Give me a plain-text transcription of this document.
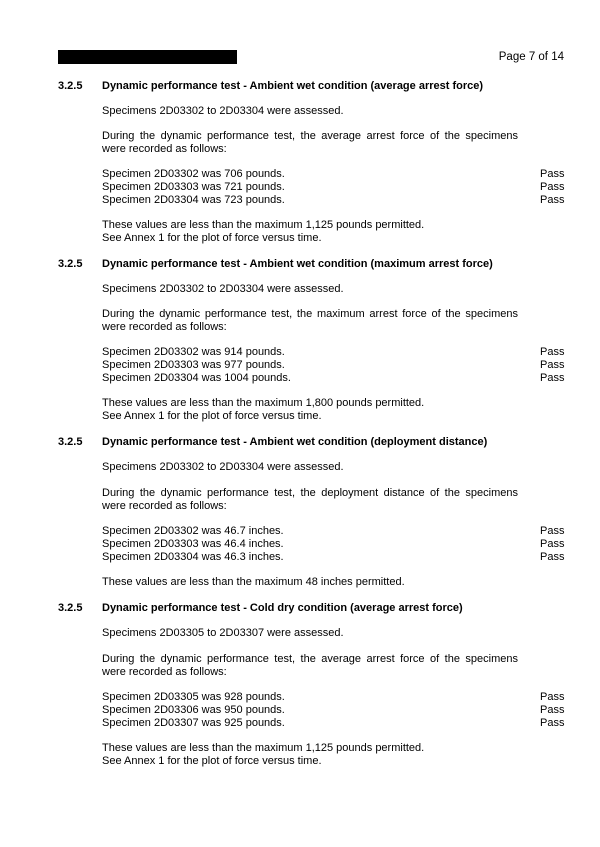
Page 7 of 14
3.2.5 Dynamic performance test - Ambient wet condition (average arrest force)
Specimens 2D03302 to 2D03304 were assessed.
During the dynamic performance test, the average arrest force of the specimens were recorded as follows:
Specimen 2D03302 was 706 pounds.	Pass
Specimen 2D03303 was 721 pounds.	Pass
Specimen 2D03304 was 723 pounds.	Pass
These values are less than the maximum 1,125 pounds permitted.
See Annex 1 for the plot of force versus time.
3.2.5 Dynamic performance test - Ambient wet condition (maximum arrest force)
Specimens 2D03302 to 2D03304 were assessed.
During the dynamic performance test, the maximum arrest force of the specimens were recorded as follows:
Specimen 2D03302 was 914 pounds.	Pass
Specimen 2D03303 was 977 pounds.	Pass
Specimen 2D03304 was 1004 pounds.	Pass
These values are less than the maximum 1,800 pounds permitted.
See Annex 1 for the plot of force versus time.
3.2.5 Dynamic performance test - Ambient wet condition (deployment distance)
Specimens 2D03302 to 2D03304 were assessed.
During the dynamic performance test, the deployment distance of the specimens were recorded as follows:
Specimen 2D03302 was 46.7 inches.	Pass
Specimen 2D03303 was 46.4 inches.	Pass
Specimen 2D03304 was 46.3 inches.	Pass
These values are less than the maximum 48 inches permitted.
3.2.5 Dynamic performance test - Cold dry condition (average arrest force)
Specimens 2D03305 to 2D03307 were assessed.
During the dynamic performance test, the average arrest force of the specimens were recorded as follows:
Specimen 2D03305 was 928 pounds.	Pass
Specimen 2D03306 was 950 pounds.	Pass
Specimen 2D03307 was 925 pounds.	Pass
These values are less than the maximum 1,125 pounds permitted.
See Annex 1 for the plot of force versus time.
